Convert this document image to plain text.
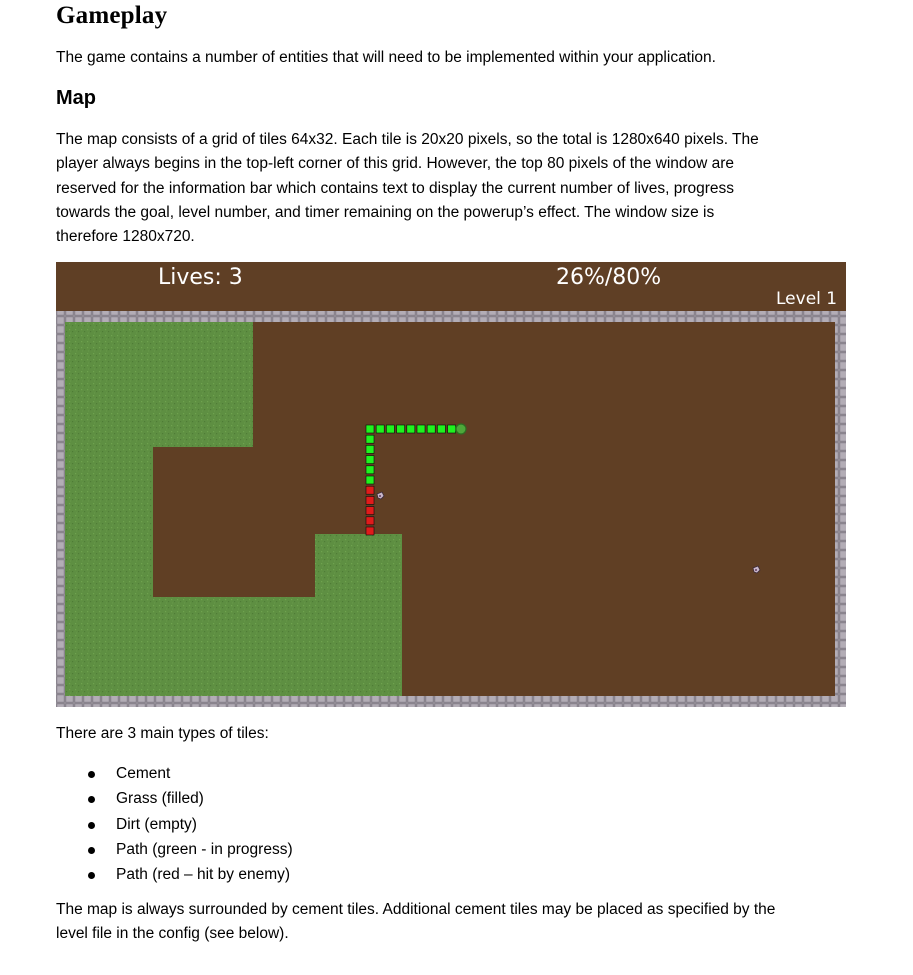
Gameplay

The game contains a number of entities that will need to be implemented within your application.

Map

The map consists of a grid of tiles 64x32. Each tile is 20x20 pixels, so the total is 1280x640 pixels. The
player always begins in the top-left corner of this grid. However, the top 80 pixels of the window are
reserved for the information bar which contains text to display the current number of lives, progress
towards the goal, level number, and timer remaining on the powerup’s effect. The window size is
therefore 1280x720.

Lives: 3	26%/80%
Level 1

There are 3 main types of tiles:

Cement
Grass (filled)
Dirt (empty)
Path (green - in progress)
Path (red – hit by enemy)

The map is always surrounded by cement tiles. Additional cement tiles may be placed as specified by the
level file in the config (see below).
